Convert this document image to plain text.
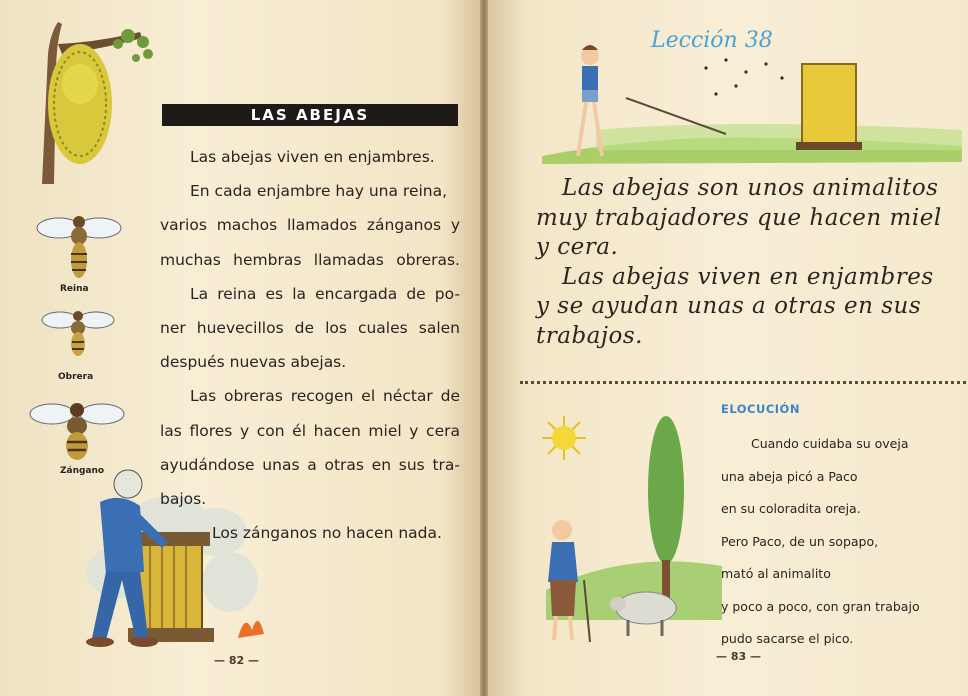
Reina
Obrera
Zángano
LAS ABEJAS
Las abejas viven en enjambres.
En cada enjambre hay una reina,
varios machos llamados zánganos y
muchas hembras llamadas obreras.
La reina es la encargada de po-
ner huevecillos de los cuales salen
después nuevas abejas.
Las obreras recogen el néctar de
las flores y con él hacen miel y cera
ayudándose unas a otras en sus tra-
bajos.
Los zánganos no hacen nada.
— 82 —
Lección 38
Las abejas son unos animalitos
muy trabajadores que hacen miel
y cera.
Las abejas viven en enjambres
y se ayudan unas a otras en sus
trabajos.
ELOCUCIÓN
Cuando cuidaba su oveja
una abeja picó a Paco
en su coloradita oreja.
Pero Paco, de un sopapo,
mató al animalito
y poco a poco, con gran trabajo
pudo sacarse el pico.
— 83 —
